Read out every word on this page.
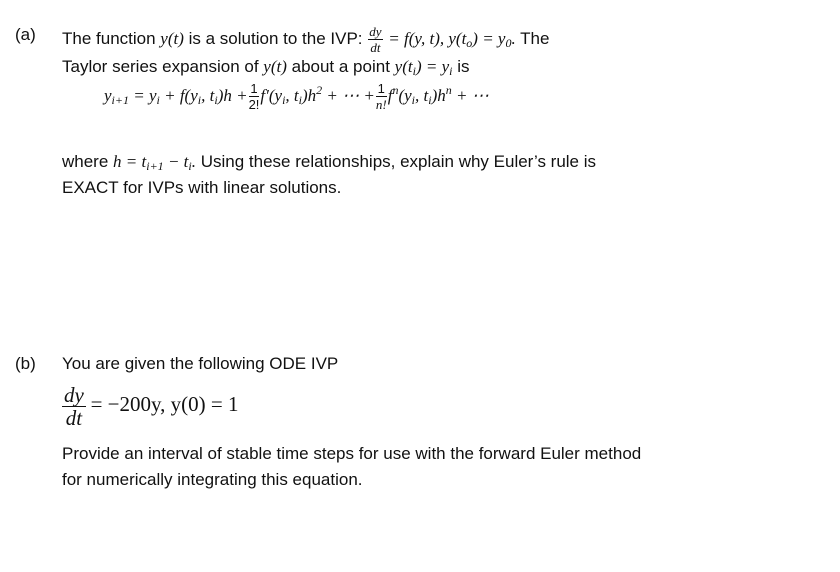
(a) The function y(t) is a solution to the IVP: $\frac{dy}{dt} = f(y$, t), $y(t_o) = y_0$. The
Taylor series expansion of y(t) about a point $y(t_i) = y_i$ is
$y_{i+1} = y_i + f(y_i$, $t_i)h + \frac{1}{2!} f'(y_i$, $t_i)h^2$ + ⋯ + $\frac{1}{n!} f^n(y_i$, $t_i)h^n$ + ⋯
where $h = t_{i+1} - t_i$. Using these relationships, explain why Euler’s rule is
EXACT for IVPs with linear solutions.
(b) You are given the following ODE IVP
$\frac{dy}{dt} = -200y$, y(0) = 1
Provide an interval of stable time steps for use with the forward Euler method
for numerically integrating this equation.
